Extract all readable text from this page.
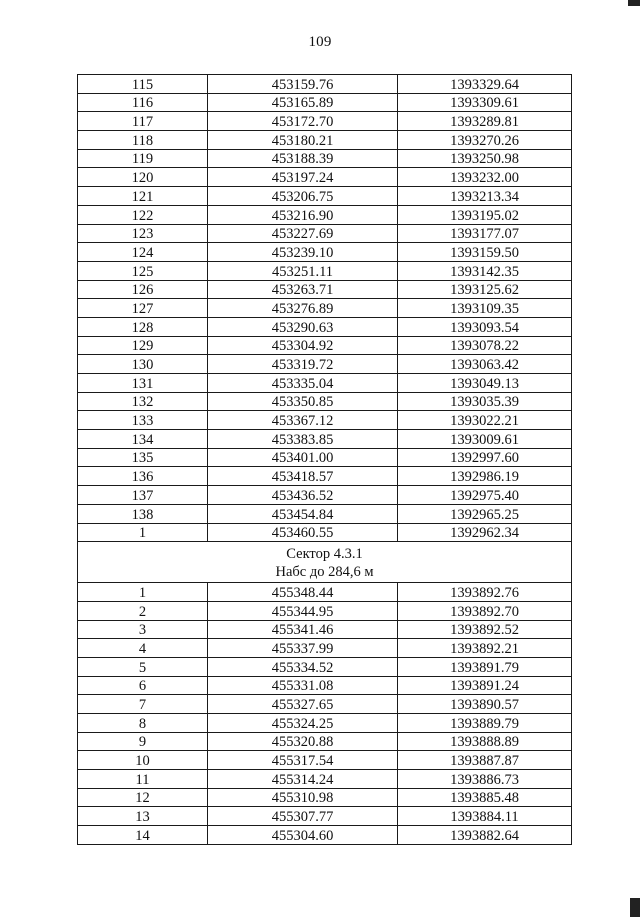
109
115	453159.76	1393329.64
116	453165.89	1393309.61
117	453172.70	1393289.81
118	453180.21	1393270.26
119	453188.39	1393250.98
120	453197.24	1393232.00
121	453206.75	1393213.34
122	453216.90	1393195.02
123	453227.69	1393177.07
124	453239.10	1393159.50
125	453251.11	1393142.35
126	453263.71	1393125.62
127	453276.89	1393109.35
128	453290.63	1393093.54
129	453304.92	1393078.22
130	453319.72	1393063.42
131	453335.04	1393049.13
132	453350.85	1393035.39
133	453367.12	1393022.21
134	453383.85	1393009.61
135	453401.00	1392997.60
136	453418.57	1392986.19
137	453436.52	1392975.40
138	453454.84	1392965.25
1	453460.55	1392962.34

Сектор 4.3.1
Набс до 284,6 м		

1	455348.44	1393892.76
2	455344.95	1393892.70
3	455341.46	1393892.52
4	455337.99	1393892.21
5	455334.52	1393891.79
6	455331.08	1393891.24
7	455327.65	1393890.57
8	455324.25	1393889.79
9	455320.88	1393888.89
10	455317.54	1393887.87
11	455314.24	1393886.73
12	455310.98	1393885.48
13	455307.77	1393884.11
14	455304.60	1393882.64
